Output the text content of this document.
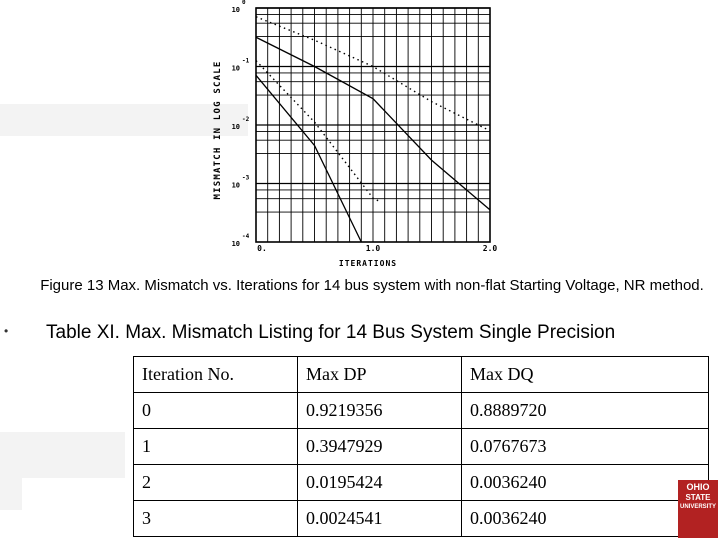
10
0
10
-1
10
-2
10
-3
10
-4
0.	1.0	2.0
ITERATIONS
MISMATCH IN LOG SCALE
Figure 13 Max. Mismatch vs. Iterations for 14 bus system with non-flat Starting Voltage, NR method.
• Table XI. Max. Mismatch Listing for 14 Bus System Single Precision
Iteration No.	Max DP	Max DQ
0	0.9219356	0.8889720
1	0.3947929	0.0767673
2	0.0195424	0.0036240
3	0.0024541	0.0036240
OHIO
STATE
UNIVERSITY
